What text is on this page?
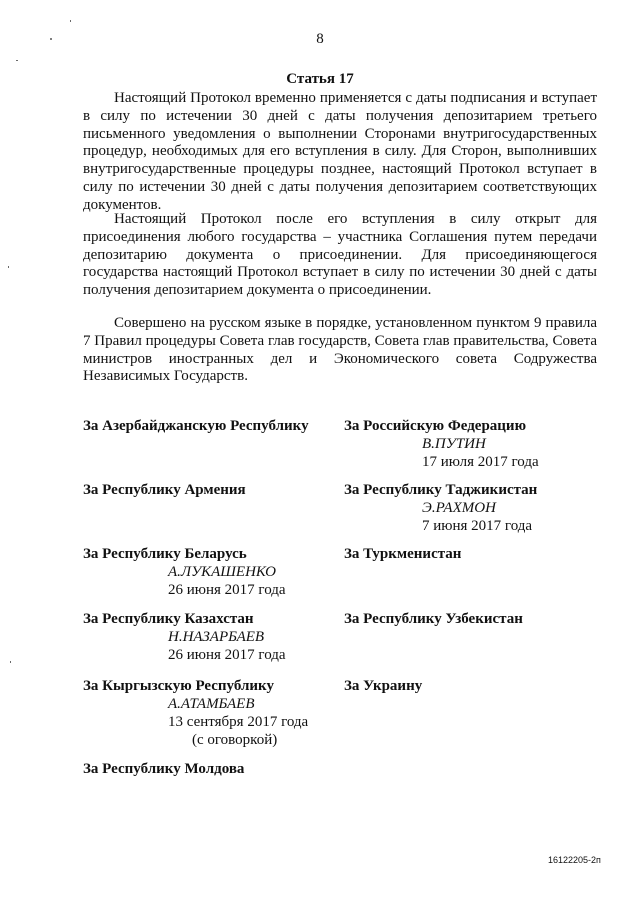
8
Статья 17

Настоящий Протокол временно применяется с даты подписания и вступает в силу по истечении 30 дней с даты получения депозитарием третьего письменного уведомления о выполнении Сторонами внутригосударственных процедур, необходимых для его вступления в силу. Для Сторон, выполнивших внутригосударственные процедуры позднее, настоящий Протокол вступает в силу по истечении 30 дней с даты получения депозитарием соответствующих документов.

Настоящий Протокол после его вступления в силу открыт для присоединения любого государства – участника Соглашения путем передачи депозитарию документа о присоединении. Для присоединяющегося государства настоящий Протокол вступает в силу по истечении 30 дней с даты получения депозитарием документа о присоединении.

Совершено на русском языке в порядке, установленном пунктом 9 правила 7 Правил процедуры Совета глав государств, Совета глав правительства, Совета министров иностранных дел и Экономического совета Содружества Независимых Государств.

За Азербайджанскую Республику
За Республику Армения
За Республику Беларусь
А.ЛУКАШЕНКО
26 июня 2017 года
За Республику Казахстан
Н.НАЗАРБАЕВ
26 июня 2017 года
За Кыргызскую Республику
А.АТАМБАЕВ
13 сентября 2017 года
(с оговоркой)
За Республику Молдова
За Российскую Федерацию
В.ПУТИН
17 июля 2017 года
За Республику Таджикистан
Э.РАХМОН
7 июня 2017 года
За Туркменистан
За Республику Узбекистан
За Украину
16122205-2п
